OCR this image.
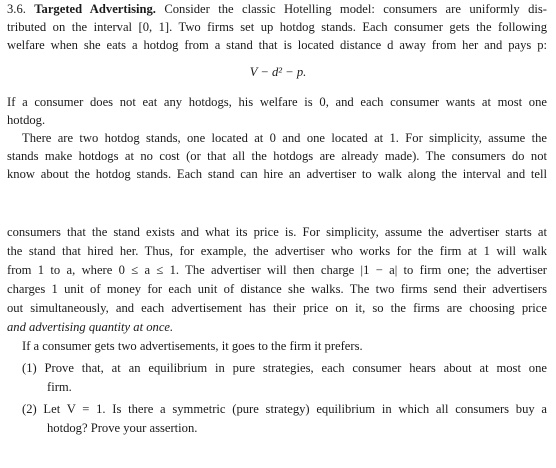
3.6. Targeted Advertising. Consider the classic Hotelling model: consumers are uniformly dis-
tributed on the interval [0, 1]. Two firms set up hotdog stands. Each consumer gets the following
welfare when she eats a hotdog from a stand that is located distance d away from her and pays p:
V − d² − p.
If a consumer does not eat any hotdogs, his welfare is 0, and each consumer wants at most one
hotdog.
There are two hotdog stands, one located at 0 and one located at 1. For simplicity, assume the
stands make hotdogs at no cost (or that all the hotdogs are already made). The consumers do not
know about the hotdog stands. Each stand can hire an advertiser to walk along the interval and tell
consumers that the stand exists and what its price is. For simplicity, assume the advertiser starts at
the stand that hired her. Thus, for example, the advertiser who works for the firm at 1 will walk
from 1 to a, where 0 ≤ a ≤ 1. The advertiser will then charge |1 − a| to firm one; the advertiser
charges 1 unit of money for each unit of distance she walks. The two firms send their advertisers
out simultaneously, and each advertisement has their price on it, so the firms are choosing price
and advertising quantity at once.
If a consumer gets two advertisements, it goes to the firm it prefers.
(1) Prove that, at an equilibrium in pure strategies, each consumer hears about at most one
firm.
(2) Let V = 1. Is there a symmetric (pure strategy) equilibrium in which all consumers buy a
hotdog? Prove your assertion.
